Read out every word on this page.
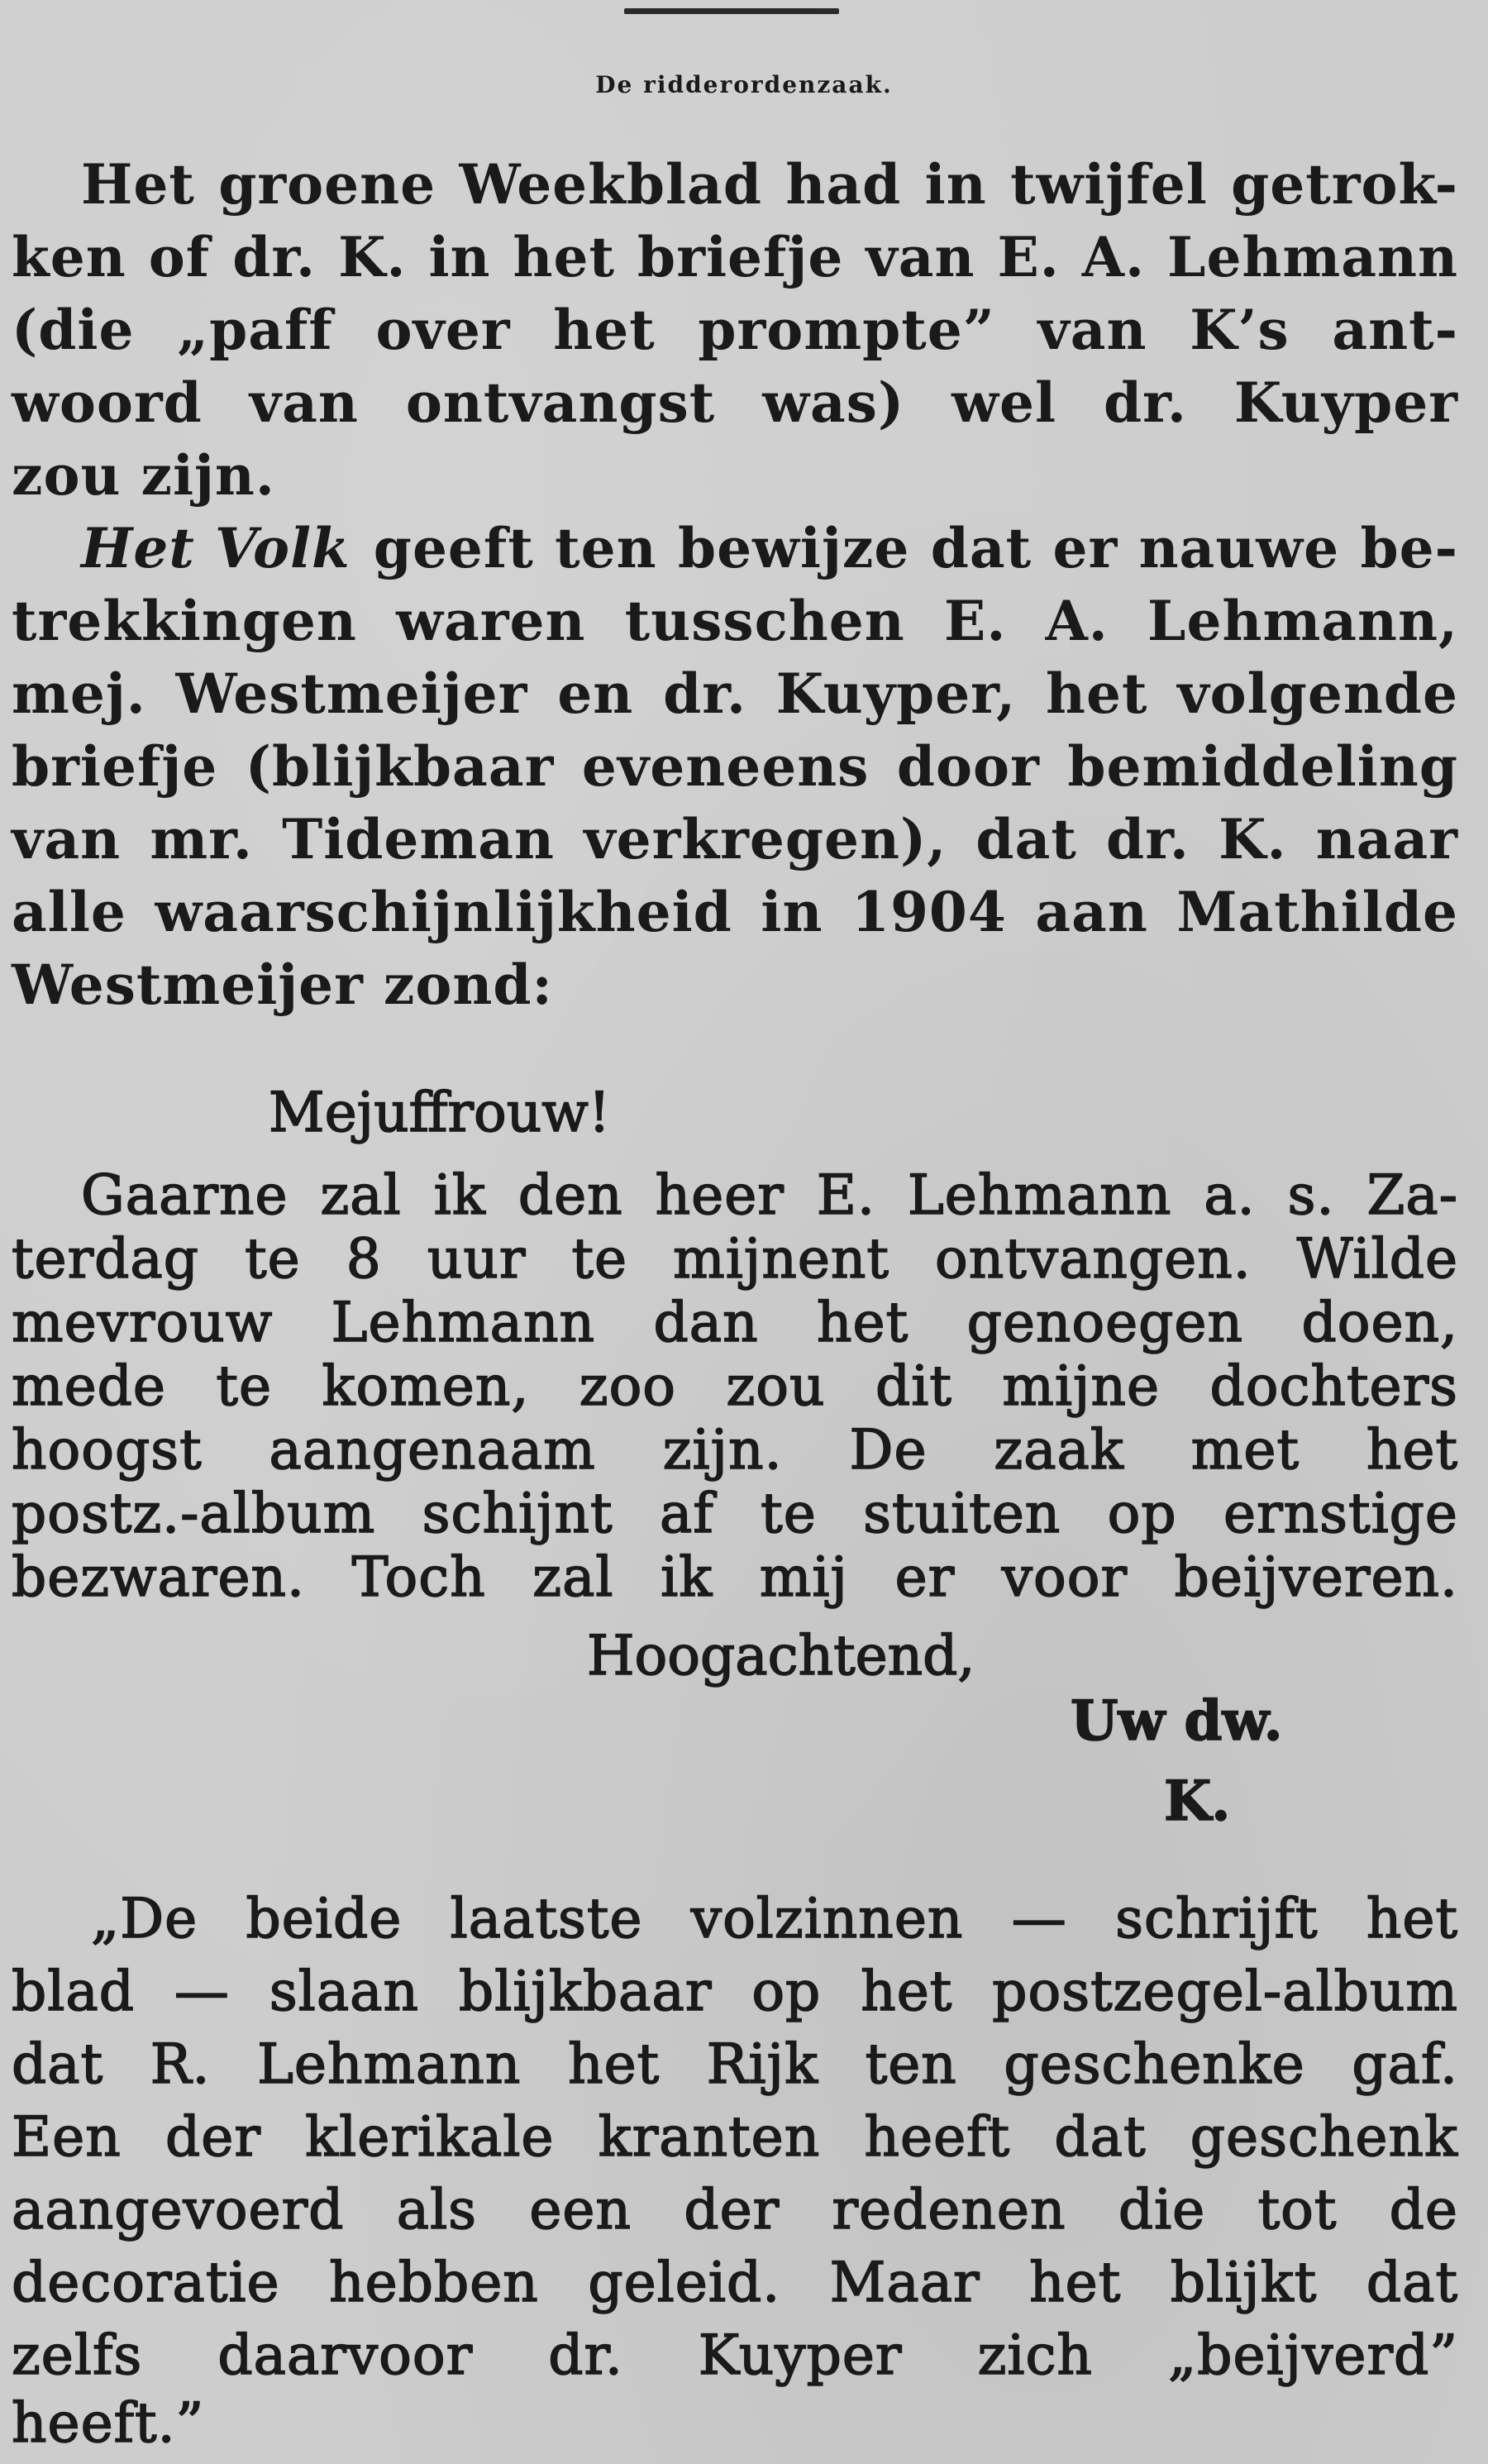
De ridderordenzaak.
Het groene Weekblad had in twijfel getrok-
ken of dr. K. in het briefje van E. A. Lehmann
(die „paff over het prompte” van K’s ant-
woord van ontvangst was) wel dr. Kuyper
zou zijn.
Het Volk geeft ten bewijze dat er nauwe be-
trekkingen waren tusschen E. A. Lehmann,
mej. Westmeijer en dr. Kuyper, het volgende
briefje (blijkbaar eveneens door bemiddeling
van mr. Tideman verkregen), dat dr. K. naar
alle waarschijnlijkheid in 1904 aan Mathilde
Westmeijer zond:
Mejuffrouw!
Gaarne zal ik den heer E. Lehmann a. s. Za-
terdag te 8 uur te mijnent ontvangen. Wilde
mevrouw Lehmann dan het genoegen doen,
mede te komen, zoo zou dit mijne dochters
hoogst aangenaam zijn. De zaak met het
postz.-album schijnt af te stuiten op ernstige
bezwaren. Toch zal ik mij er voor beijveren.
Hoogachtend,
Uw dw.
K.
„De beide laatste volzinnen — schrijft het
blad — slaan blijkbaar op het postzegel-album
dat R. Lehmann het Rijk ten geschenke gaf.
Een der klerikale kranten heeft dat geschenk
aangevoerd als een der redenen die tot de
decoratie hebben geleid. Maar het blijkt dat
zelfs daarvoor dr. Kuyper zich „beijverd”
heeft.”
